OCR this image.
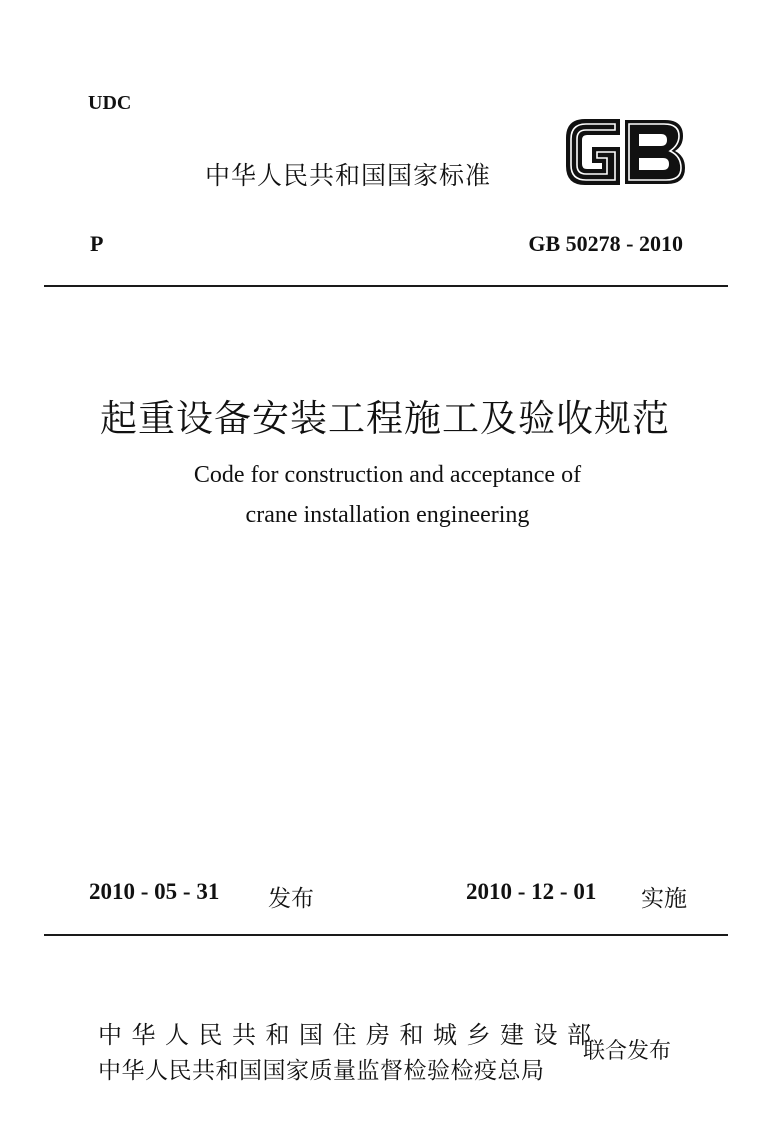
UDC
中华人民共和国国家标准
P	GB 50278 - 2010
起重设备安装工程施工及验收规范
Code for construction and acceptance of
crane installation engineering
2010 - 05 - 31 发布	2010 - 12 - 01 实施
中华人民共和国住房和城乡建设部
中华人民共和国国家质量监督检验检疫总局
联合发布
